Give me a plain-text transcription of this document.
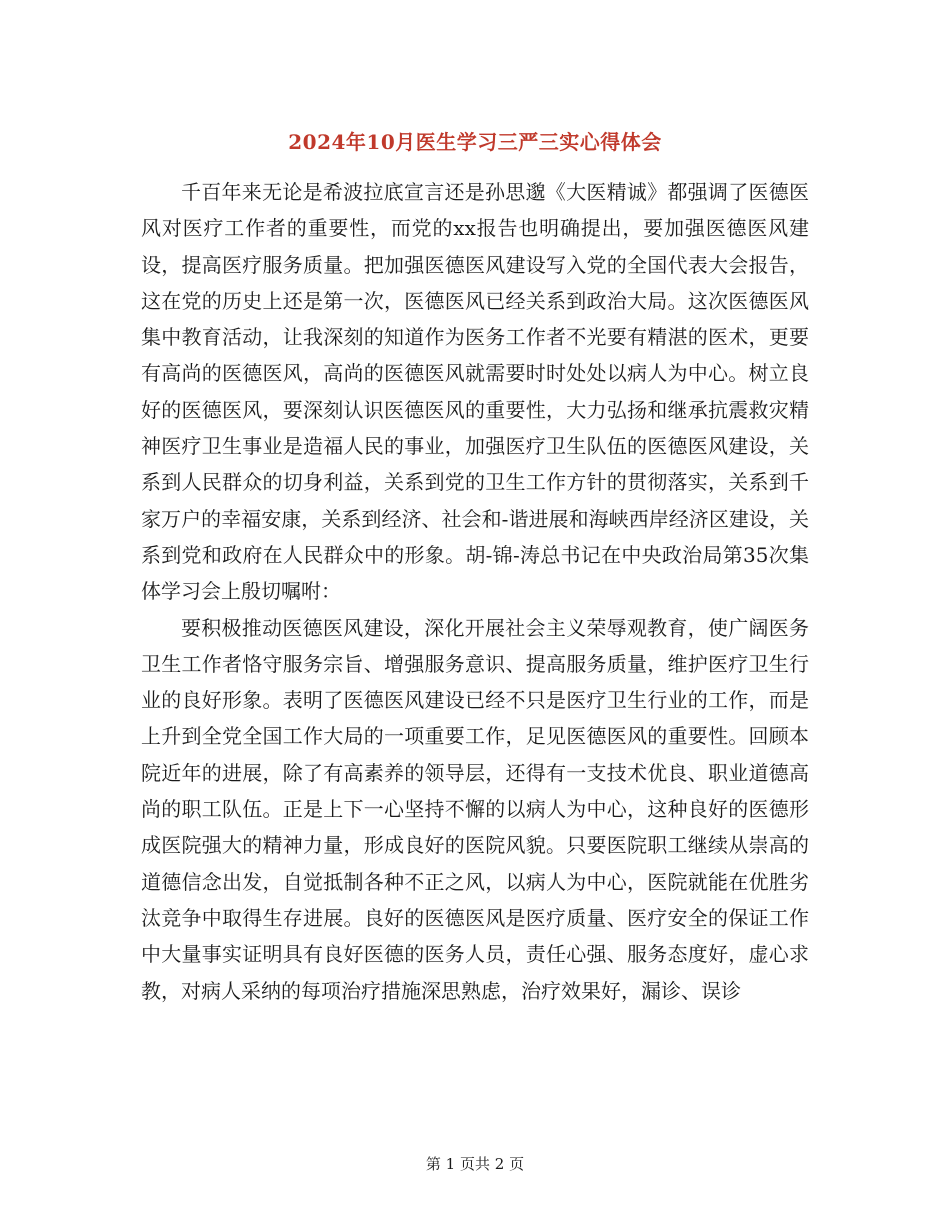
2024年10月医生学习三严三实心得体会

千百年来无论是希波拉底宣言还是孙思邈《大医精诚》都强调了医德医风对医疗工作者的重要性，而党的xx报告也明确提出，要加强医德医风建设，提高医疗服务质量。把加强医德医风建设写入党的全国代表大会报告，这在党的历史上还是第一次，医德医风已经关系到政治大局。这次医德医风集中教育活动，让我深刻的知道作为医务工作者不光要有精湛的医术，更要有高尚的医德医风，高尚的医德医风就需要时时处处以病人为中心。树立良好的医德医风，要深刻认识医德医风的重要性，大力弘扬和继承抗震救灾精神医疗卫生事业是造福人民的事业，加强医疗卫生队伍的医德医风建设，关系到人民群众的切身利益，关系到党的卫生工作方针的贯彻落实，关系到千家万户的幸福安康，关系到经济、社会和-谐进展和海峡西岸经济区建设，关系到党和政府在人民群众中的形象。胡-锦-涛总书记在中央政治局第35次集体学习会上殷切嘱咐：

要积极推动医德医风建设，深化开展社会主义荣辱观教育，使广阔医务卫生工作者恪守服务宗旨、增强服务意识、提高服务质量，维护医疗卫生行业的良好形象。表明了医德医风建设已经不只是医疗卫生行业的工作，而是上升到全党全国工作大局的一项重要工作，足见医德医风的重要性。回顾本院近年的进展，除了有高素养的领导层，还得有一支技术优良、职业道德高尚的职工队伍。正是上下一心坚持不懈的以病人为中心，这种良好的医德形成医院强大的精神力量，形成良好的医院风貌。只要医院职工继续从崇高的道德信念出发，自觉抵制各种不正之风，以病人为中心，医院就能在优胜劣汰竞争中取得生存进展。良好的医德医风是医疗质量、医疗安全的保证工作中大量事实证明具有良好医德的医务人员，责任心强、服务态度好，虚心求教，对病人采纳的每项治疗措施深思熟虑，治疗效果好，漏诊、误诊

第 1 页共 2 页
